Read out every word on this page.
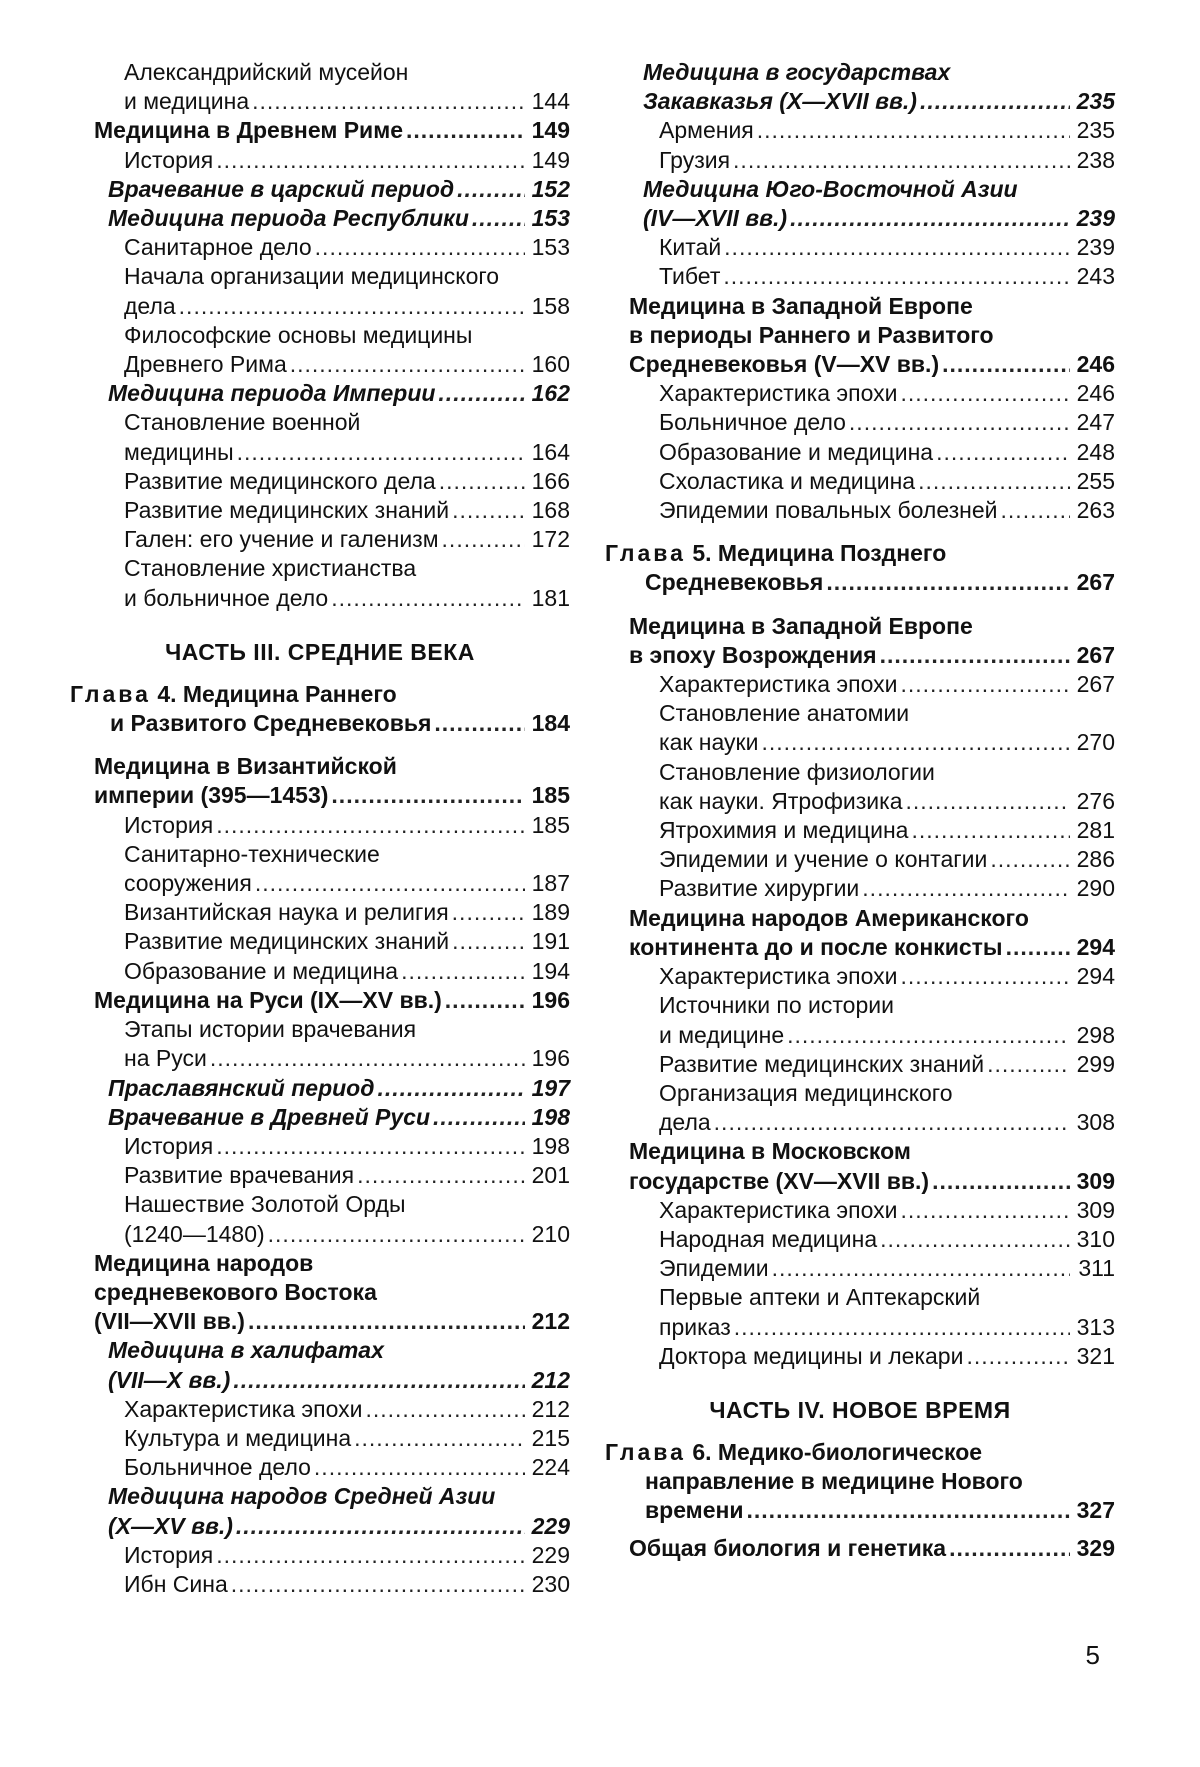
Александрийский мусейон
и медицина .....	144
Медицина в Древнем Риме .....	149
История .....	149
Врачевание в царский период .....	152
Медицина периода Республики .....	153
Санитарное дело .....	153
Начала организации медицинского
дела .....	158
Философские основы медицины
Древнего Рима .....	160
Медицина периода Империи .....	162
Становление военной
медицины .....	164
Развитие медицинского дела .....	166
Развитие медицинских знаний .....	168
Гален: его учение и галенизм .....	172
Становление христианства
и больничное дело .....	181
ЧАСТЬ III. СРЕДНИЕ ВЕКА
Глава 4. Медицина Раннего
и Развитого Средневековья .....	184
Медицина в Византийской
империи (395—1453) .....	185
История .....	185
Санитарно-технические
сооружения .....	187
Византийская наука и религия .....	189
Развитие медицинских знаний .....	191
Образование и медицина .....	194
Медицина на Руси (IX—XV вв.) .....	196
Этапы истории врачевания
на Руси .....	196
Праславянский период .....	197
Врачевание в Древней Руси .....	198
История .....	198
Развитие врачевания .....	201
Нашествие Золотой Орды
(1240—1480) .....	210
Медицина народов
средневекового Востока
(VII—XVII вв.) .....	212
Медицина в халифатах
(VII—X вв.) .....	212
Характеристика эпохи .....	212
Культура и медицина .....	215
Больничное дело .....	224
Медицина народов Средней Азии
(X—XV вв.) .....	229
История .....	229
Ибн Сина .....	230
Медицина в государствах
Закавказья (X—XVII вв.) .....	235
Армения .....	235
Грузия .....	238
Медицина Юго-Восточной Азии
(IV—XVII вв.) .....	239
Китай .....	239
Тибет .....	243
Медицина в Западной Европе
в периоды Раннего и Развитого
Средневековья (V—XV вв.) .....	246
Характеристика эпохи .....	246
Больничное дело .....	247
Образование и медицина .....	248
Схоластика и медицина .....	255
Эпидемии повальных болезней .....	263
Глава 5. Медицина Позднего
Средневековья .....	267
Медицина в Западной Европе
в эпоху Возрождения .....	267
Характеристика эпохи .....	267
Становление анатомии
как науки .....	270
Становление физиологии
как науки. Ятрофизика .....	276
Ятрохимия и медицина .....	281
Эпидемии и учение о контагии .....	286
Развитие хирургии .....	290
Медицина народов Американского
континента до и после конкисты .....	294
Характеристика эпохи .....	294
Источники по истории
и медицине .....	298
Развитие медицинских знаний .....	299
Организация медицинского
дела .....	308
Медицина в Московском
государстве (XV—XVII вв.) .....	309
Характеристика эпохи .....	309
Народная медицина .....	310
Эпидемии .....	311
Первые аптеки и Аптекарский
приказ .....	313
Доктора медицины и лекари .....	321
ЧАСТЬ IV. НОВОЕ ВРЕМЯ
Глава 6. Медико-биологическое
направление в медицине Нового
времени .....	327
Общая биология и генетика .....	329
5
